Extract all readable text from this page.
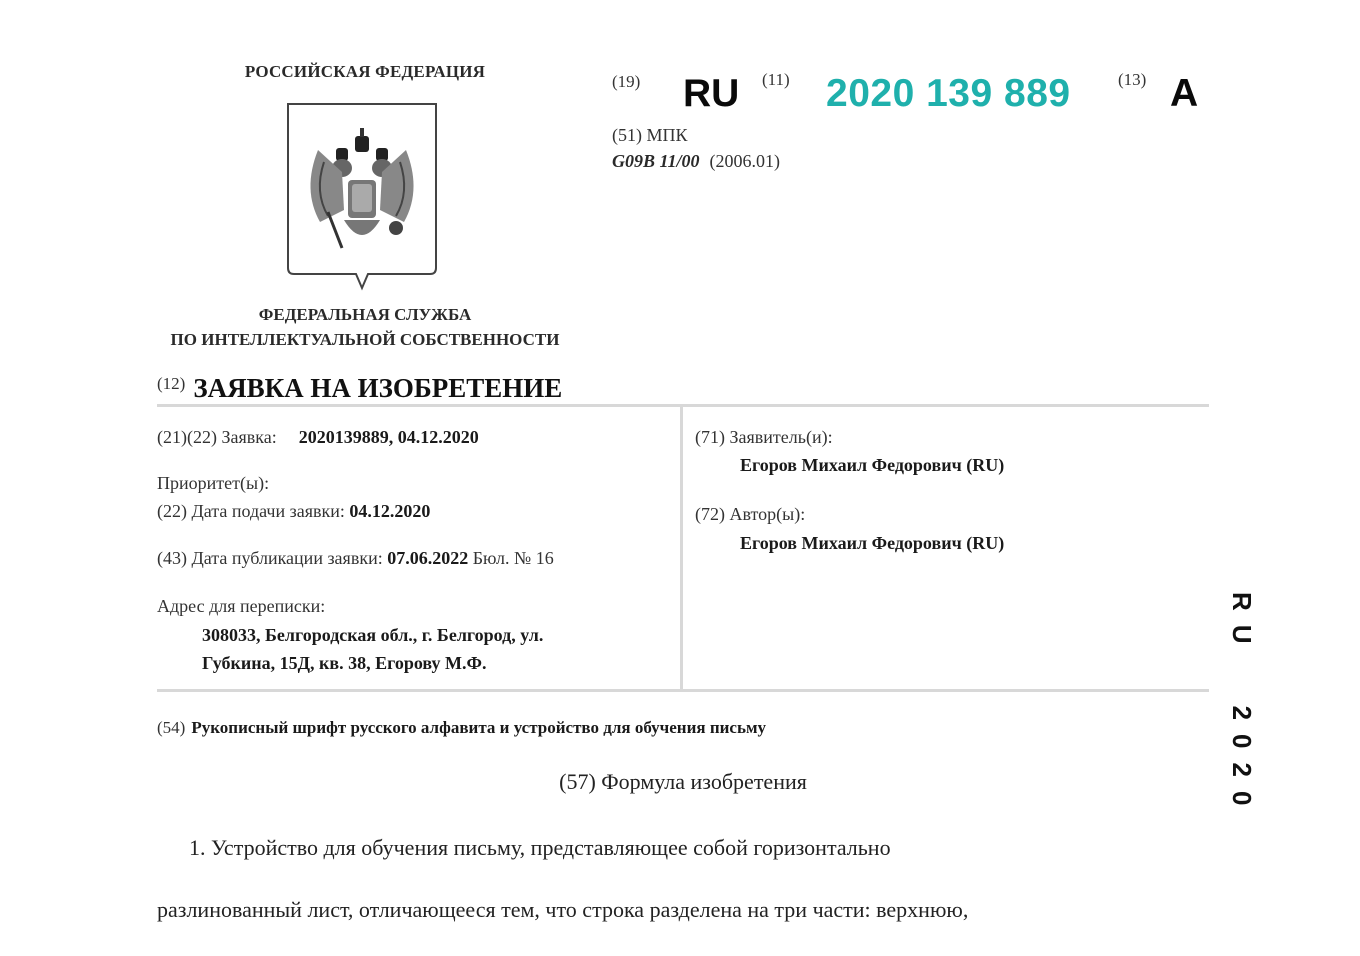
РОССИЙСКАЯ ФЕДЕРАЦИЯ
ФЕДЕРАЛЬНАЯ СЛУЖБА
ПО ИНТЕЛЛЕКТУАЛЬНОЙ СОБСТВЕННОСТИ
(19) RU (11) 2020 139 889	(13) A
(51) МПК
G09B 11/00 (2006.01)
$^{(12)}$ ЗАЯВКА НА ИЗОБРЕТЕНИЕ
(21)(22) Заявка: 2020139889, 04.12.2020
Приоритет(ы):
(22) Дата подачи заявки: 04.12.2020
(43) Дата публикации заявки: 07.06.2022 Бюл. № 16
Адрес для переписки:
308033, Белгородская обл., г. Белгород, ул.
Губкина, 15Д, кв. 38, Егорову М.Ф.
(71) Заявитель(и):
Егоров Михаил Федорович (RU)
(72) Автор(ы):
Егоров Михаил Федорович (RU)
(54) Рукописный шрифт русского алфавита и устройство для обучения письму
(57) Формула изобретения

1. Устройство для обучения письму, представляющее собой горизонтально

разлинованный лист, отличающееся тем, что строка разделена на три части: верхнюю,

RU2020
